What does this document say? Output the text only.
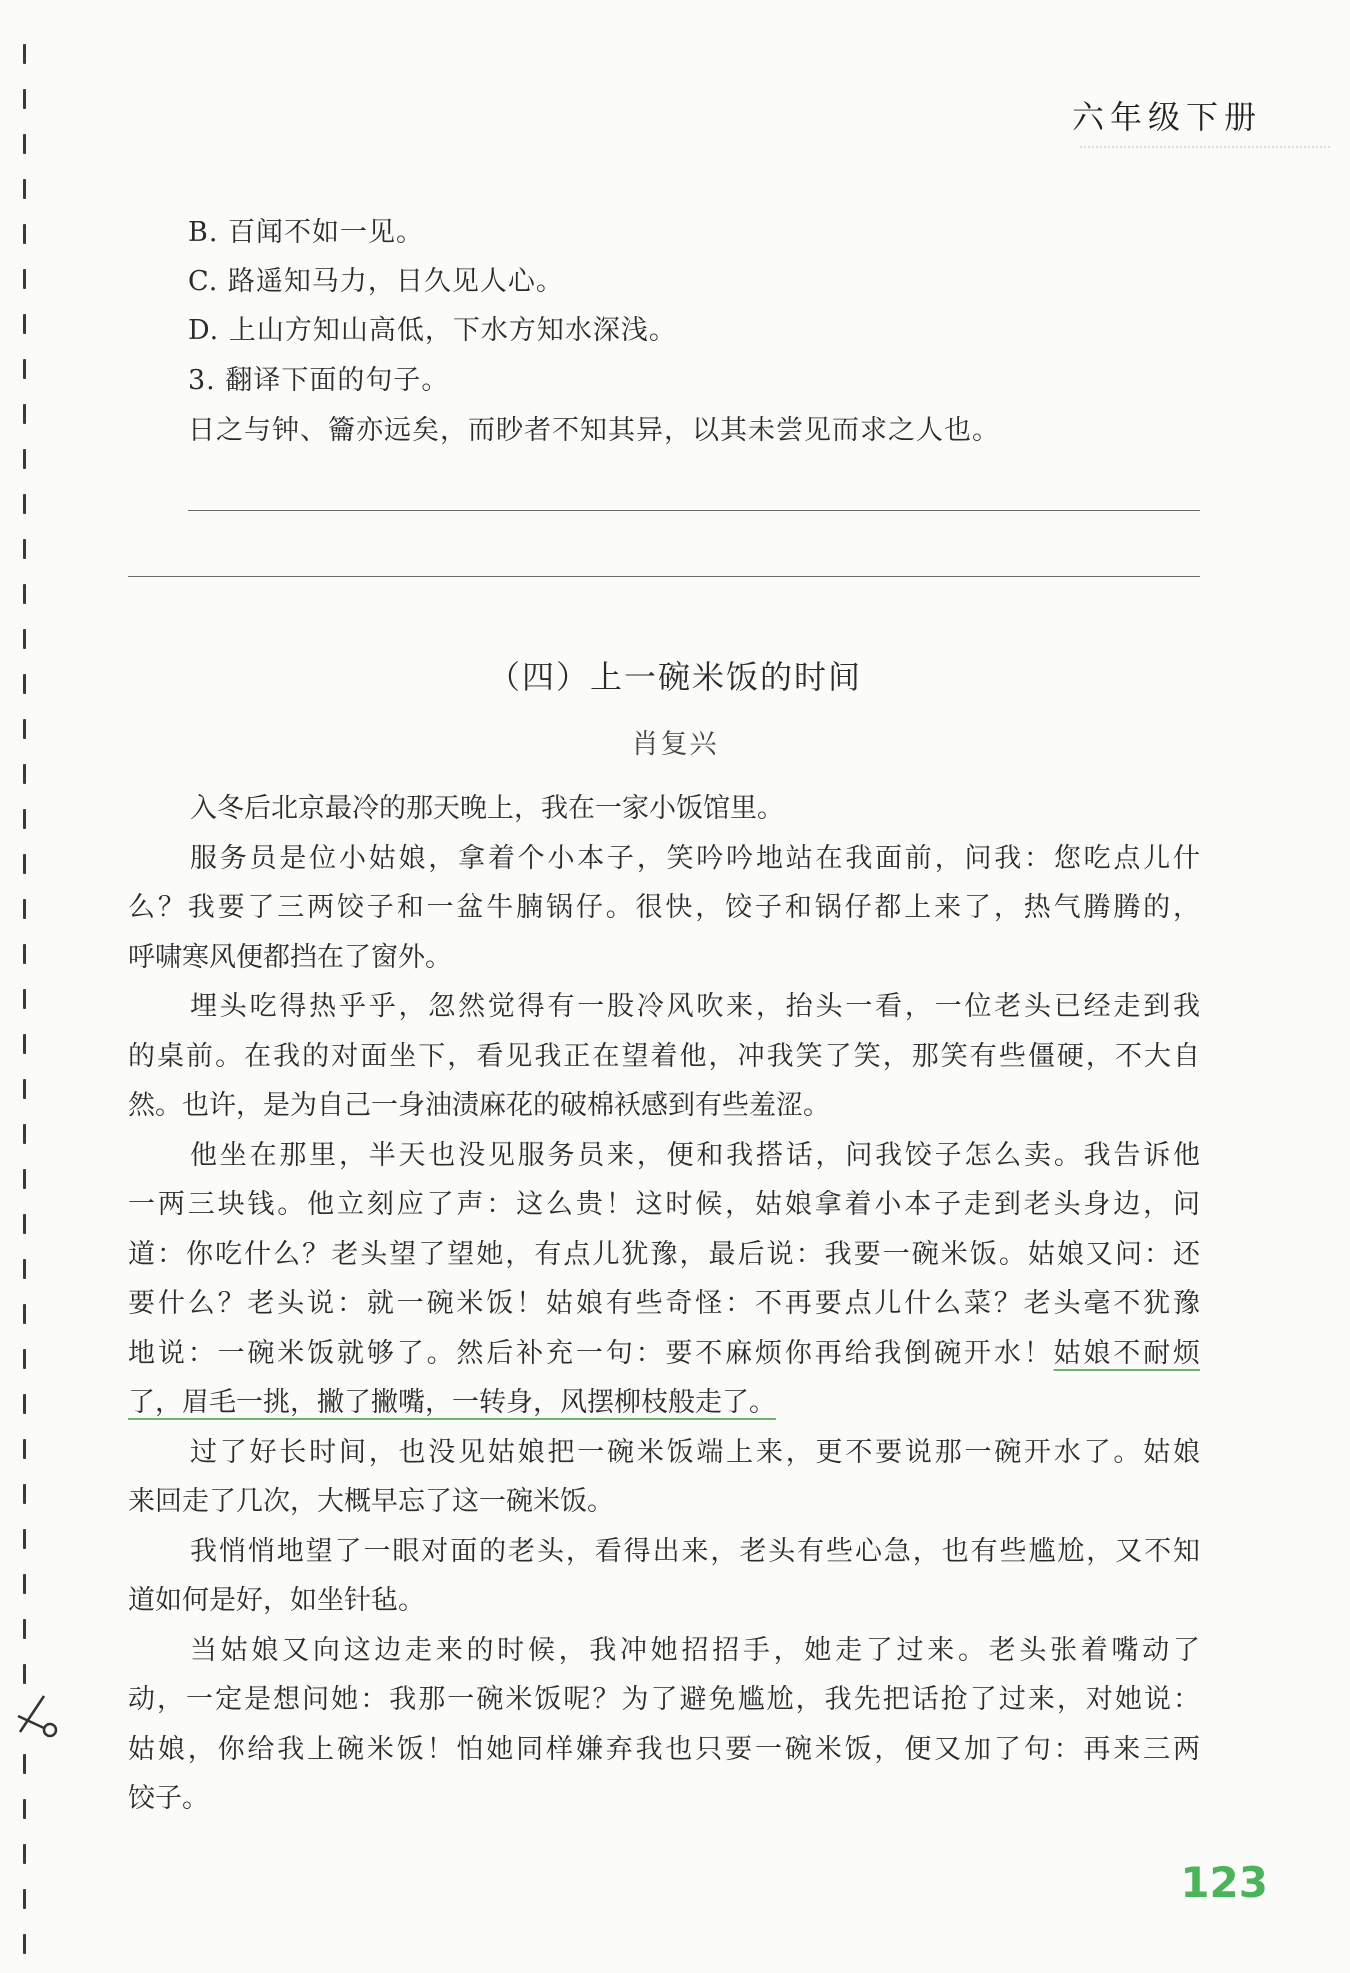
六年级下册
B. 百闻不如一见。
C. 路遥知马力，日久见人心。
D. 上山方知山高低，下水方知水深浅。
3. 翻译下面的句子。
日之与钟、籥亦远矣，而眇者不知其异，以其未尝见而求之人也。
（四）上一碗米饭的时间
肖复兴
入冬后北京最冷的那天晚上，我在一家小饭馆里。
服务员是位小姑娘，拿着个小本子，笑吟吟地站在我面前，问我：您吃点儿什
么？我要了三两饺子和一盆牛腩锅仔。很快，饺子和锅仔都上来了，热气腾腾的，
呼啸寒风便都挡在了窗外。
埋头吃得热乎乎，忽然觉得有一股冷风吹来，抬头一看，一位老头已经走到我
的桌前。在我的对面坐下，看见我正在望着他，冲我笑了笑，那笑有些僵硬，不大自
然。也许，是为自己一身油渍麻花的破棉袄感到有些羞涩。
他坐在那里，半天也没见服务员来，便和我搭话，问我饺子怎么卖。我告诉他
一两三块钱。他立刻应了声：这么贵！这时候，姑娘拿着小本子走到老头身边，问
道：你吃什么？老头望了望她，有点儿犹豫，最后说：我要一碗米饭。姑娘又问：还
要什么？老头说：就一碗米饭！姑娘有些奇怪：不再要点儿什么菜？老头毫不犹豫
地说：一碗米饭就够了。然后补充一句：要不麻烦你再给我倒碗开水！姑娘不耐烦
了，眉毛一挑，撇了撇嘴，一转身，风摆柳枝般走了。
过了好长时间，也没见姑娘把一碗米饭端上来，更不要说那一碗开水了。姑娘
来回走了几次，大概早忘了这一碗米饭。
我悄悄地望了一眼对面的老头，看得出来，老头有些心急，也有些尴尬，又不知
道如何是好，如坐针毡。
当姑娘又向这边走来的时候，我冲她招招手，她走了过来。老头张着嘴动了
动，一定是想问她：我那一碗米饭呢？为了避免尴尬，我先把话抢了过来，对她说：
姑娘，你给我上碗米饭！怕她同样嫌弃我也只要一碗米饭，便又加了句：再来三两
饺子。
123
